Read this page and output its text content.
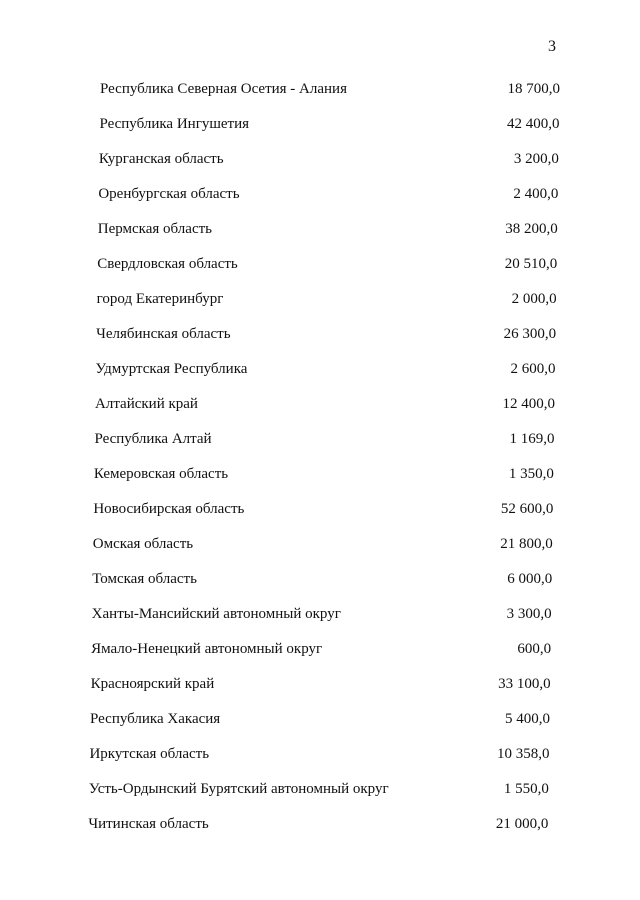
3
Республика Северная Осетия - Алания	18 700,0
Республика Ингушетия	42 400,0
Курганская область	3 200,0
Оренбургская область	2 400,0
Пермская область	38 200,0
Свердловская область	20 510,0
город Екатеринбург	2 000,0
Челябинская область	26 300,0
Удмуртская Республика	2 600,0
Алтайский край	12 400,0
Республика Алтай	1 169,0
Кемеровская область	1 350,0
Новосибирская область	52 600,0
Омская область	21 800,0
Томская область	6 000,0
Ханты-Мансийский автономный округ	3 300,0
Ямало-Ненецкий автономный округ	600,0
Красноярский край	33 100,0
Республика Хакасия	5 400,0
Иркутская область	10 358,0
Усть-Ордынский Бурятский автономный округ	1 550,0
Читинская область	21 000,0
